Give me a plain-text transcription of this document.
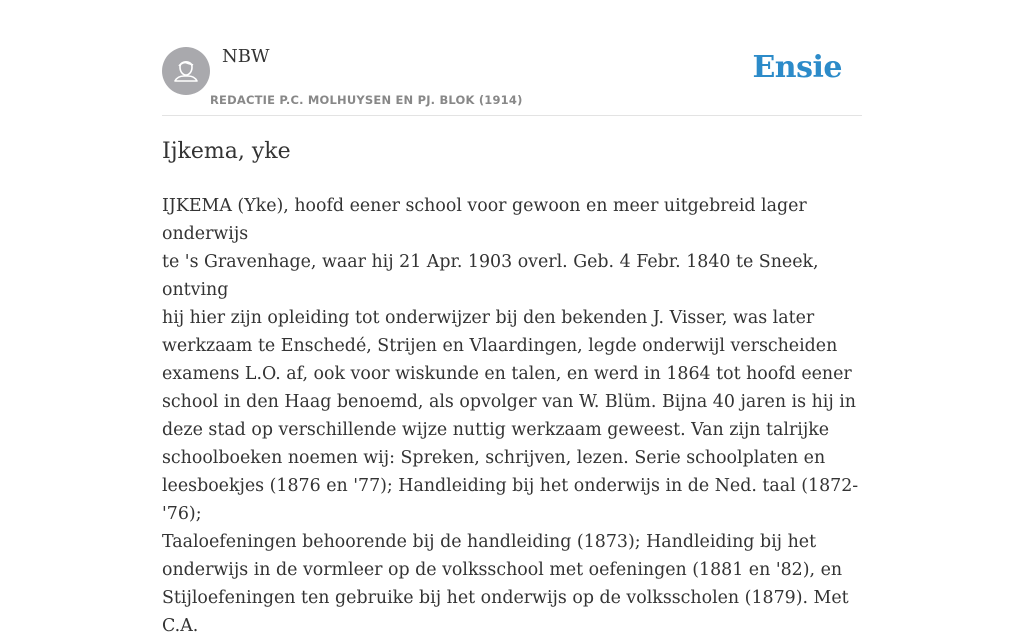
NBW
REDACTIE P.C. MOLHUYSEN EN PJ. BLOK (1914)
Ensie
Ijkema, yke

IJKEMA (Yke), hoofd eener school voor gewoon en meer uitgebreid lager onderwijs
te 's Gravenhage, waar hij 21 Apr. 1903 overl. Geb. 4 Febr. 1840 te Sneek, ontving
hij hier zijn opleiding tot onderwijzer bij den bekenden J. Visser, was later
werkzaam te Enschedé, Strijen en Vlaardingen, legde onderwijl verscheiden
examens L.O. af, ook voor wiskunde en talen, en werd in 1864 tot hoofd eener
school in den Haag benoemd, als opvolger van W. Blüm. Bijna 40 jaren is hij in
deze stad op verschillende wijze nuttig werkzaam geweest. Van zijn talrijke
schoolboeken noemen wij: Spreken, schrijven, lezen. Serie schoolplaten en
leesboekjes (1876 en '77); Handleiding bij het onderwijs in de Ned. taal (1872-'76);
Taaloefeningen behoorende bij de handleiding (1873); Handleiding bij het
onderwijs in de vormleer op de volksschool met oefeningen (1881 en '82), en
Stijloefeningen ten gebruike bij het onderwijs op de volksscholen (1879). Met C.A.
